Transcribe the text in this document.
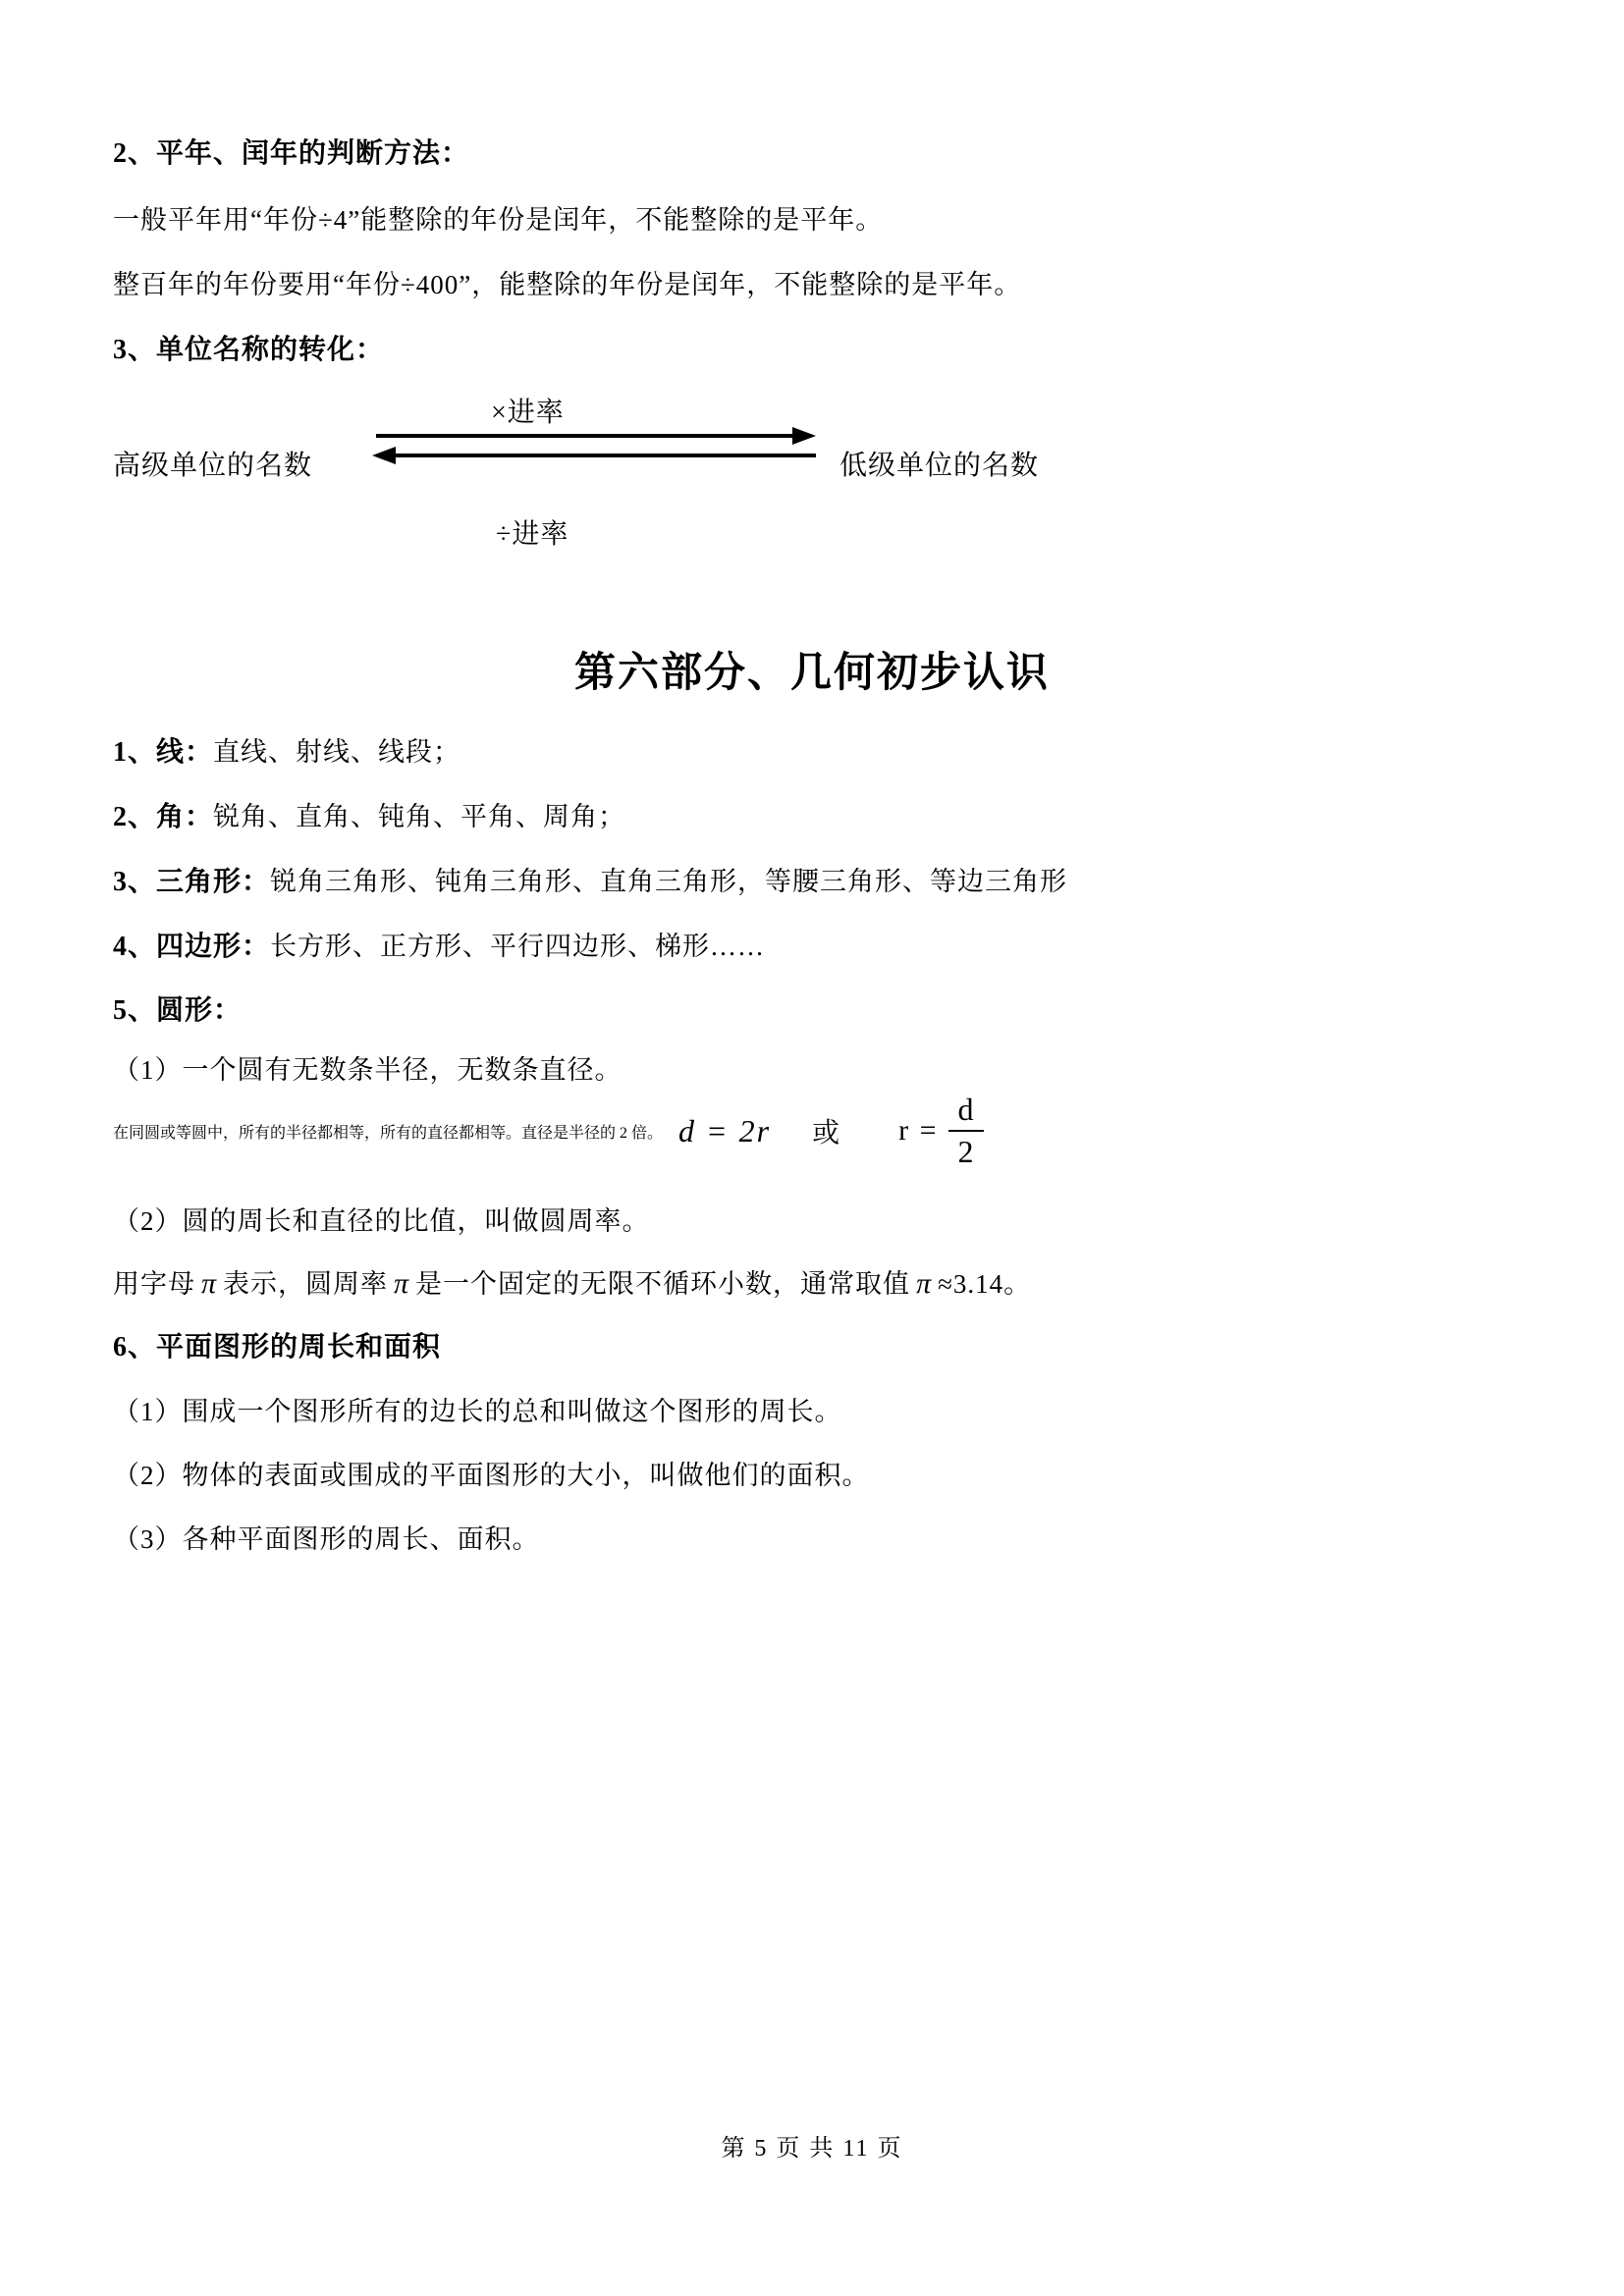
2、平年、闰年的判断方法：
一般平年用“年份÷4”能整除的年份是闰年，不能整除的是平年。
整百年的年份要用“年份÷400”，能整除的年份是闰年，不能整除的是平年。
3、单位名称的转化：
×进率
高级单位的名数	低级单位的名数
÷进率
第六部分、几何初步认识
1、线：直线、射线、线段；
2、角：锐角、直角、钝角、平角、周角；
3、三角形：锐角三角形、钝角三角形、直角三角形，等腰三角形、等边三角形
4、四边形：长方形、正方形、平行四边形、梯形……
5、圆形：
（1）一个圆有无数条半径，无数条直径。
在同圆或等圆中，所有的半径都相等，所有的直径都相等。直径是半径的 2 倍。 d = 2r 或 $r = \frac{d}{2}$
（2）圆的周长和直径的比值，叫做圆周率。
用字母 π 表示，圆周率 π 是一个固定的无限不循环小数，通常取值 π ≈3.14。
6、平面图形的周长和面积
（1）围成一个图形所有的边长的总和叫做这个图形的周长。
（2）物体的表面或围成的平面图形的大小，叫做他们的面积。
（3）各种平面图形的周长、面积。
第 5 页 共 11 页
